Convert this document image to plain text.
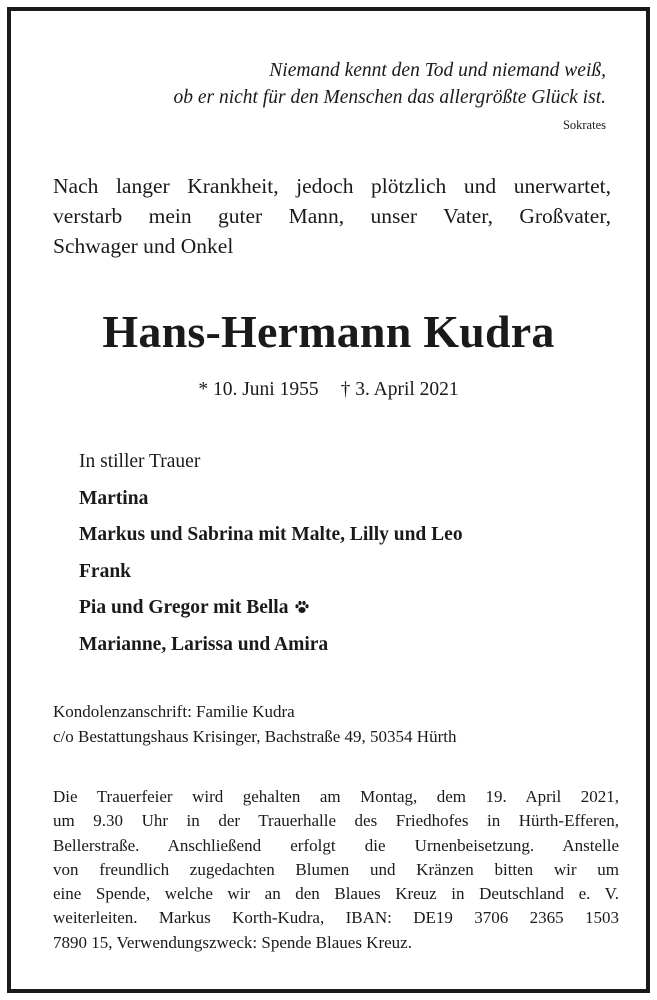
Niemand kennt den Tod und niemand weiß,
ob er nicht für den Menschen das allergrößte Glück ist.
Sokrates
Nach langer Krankheit, jedoch plötzlich und unerwartet,
verstarb mein guter Mann, unser Vater, Großvater,
Schwager und Onkel
Hans-Hermann Kudra
* 10. Juni 1955 † 3. April 2021
In stiller Trauer
Martina
Markus und Sabrina mit Malte, Lilly und Leo
Frank
Pia und Gregor mit Bella
Marianne, Larissa und Amira
Kondolenzanschrift: Familie Kudra
c/o Bestattungshaus Krisinger, Bachstraße 49, 50354 Hürth
Die Trauerfeier wird gehalten am Montag, dem 19. April 2021,
um 9.30 Uhr in der Trauerhalle des Friedhofes in Hürth-Efferen,
Bellerstraße. Anschließend erfolgt die Urnenbeisetzung. Anstelle
von freundlich zugedachten Blumen und Kränzen bitten wir um
eine Spende, welche wir an den Blaues Kreuz in Deutschland e. V.
weiterleiten. Markus Korth-Kudra, IBAN: DE19 3706 2365 1503
7890 15, Verwendungszweck: Spende Blaues Kreuz.
